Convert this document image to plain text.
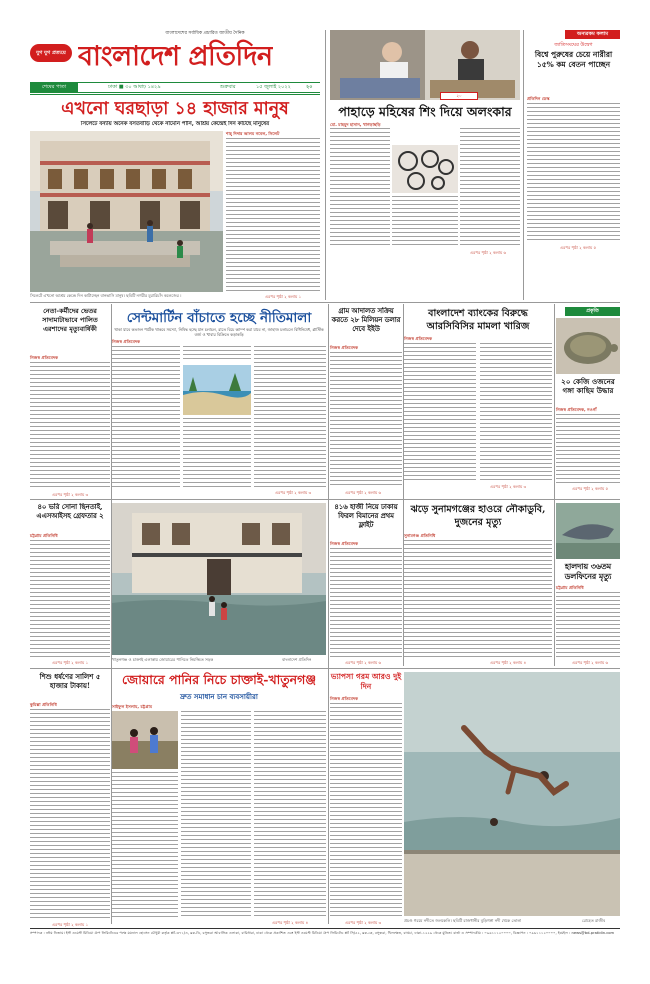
যুগ যুগ প্রত্যয়ে
বাংলাদেশের সর্বাধিক প্রচারিত জাতীয় দৈনিক
বাংলাদেশ প্রতিদিন
শেষের পাতা	ঢাকা ■ ৩০ আষাঢ় ১৪২৯	শুক্রবার	১৫ জুলাই ২০২২	২০
এখনো ঘরছাড়া ১৪ হাজার মানুষ
সিলেটে বন্যায় অনেক বসতবাড়ি থেকে নামেনি পানি, আশ্রয় কেন্দ্রেই দিন কাটছে মানুষের
সিলেটে এখনো আশ্রয় কেন্দ্রে দিন কাটাচ্ছেন বানভাসি মানুষ। ছবিটি নগরীর মুরারিচাঁদ কলেজের ।
শাহ্ দিদার আলম নবেল, সিলেট
এরপর পৃষ্ঠা ২ কলাম ১
২০
পাহাড়ে মহিষের শিং দিয়ে অলংকার
মো. মাহমুদ হাসান, খাগড়াছড়ি
এরপর পৃষ্ঠা ২ কলাম ৬
অন্যরকম কলাম
জাতিসংঘের উদ্বেগ
বিশ্বে পুরুষের চেয়ে নারীরা ১৫% কম বেতন পাচ্ছেন
প্রতিদিন ডেস্ক
এরপর পৃষ্ঠা ২ কলাম ৫
নেতা-কর্মীদের ভেতর সাদামাটাভাবে পালিত এরশাদের মৃত্যুবার্ষিকী
নিজস্ব প্রতিবেদক
এরপর পৃষ্ঠা ২ কলাম ৩
সেন্টমার্টিন বাঁচাতে হচ্ছে নীতিমালা
থাকা যাবে কতজন পর্যটক থাকবে সমস্যা, নিষিদ্ধ হচ্ছে যান চলাচল, রাতে বিচে ক্যাম্প করা যাবে না, জাহাজ চলাচলে বিধিনিষেধ, প্লাস্টিক বর্জ্য ও খাবার বিক্রিতে কড়াকড়ি
নিজস্ব প্রতিবেদক
এরপর পৃষ্ঠা ২ কলাম ৩
গ্রাম আদালত সক্রিয় করতে ২৮ মিলিয়ন ডলার দেবে ইইউ
নিজস্ব প্রতিবেদক
এরপর পৃষ্ঠা ২ কলাম ৬
বাংলাদেশ ব্যাংকের বিরুদ্ধে আরসিবিসির মামলা খারিজ
নিজস্ব প্রতিবেদক
এরপর পৃষ্ঠা ২ কলাম ৩
প্রকৃতি
২০ কেজি ওজনের গঙ্গা কাছিম উদ্ধার
নিজস্ব প্রতিবেদক, নওগাঁ
এরপর পৃষ্ঠা ২ কলাম ৫
৪০ ভরি সোনা ছিনতাই, এএসআইসহ গ্রেফতার ২
চট্টগ্রাম প্রতিনিধি
এরপর পৃষ্ঠা ২ কলাম ১
খাতুনগঞ্জ ও চাক্তাই এলাকায় জোয়ারের পানিতে নিমজ্জিত সড়ক	বাংলাদেশ প্রতিদিন
৪১৬ হাজী নিয়ে ঢাকায় ফিরল বিমানের প্রথম ফ্লাইট
নিজস্ব প্রতিবেদক
এরপর পৃষ্ঠা ২ কলাম ৬
ঝড়ে সুনামগঞ্জের হাওরে নৌকাডুবি, দুজনের মৃত্যু
সুনামগঞ্জ প্রতিনিধি
এরপর পৃষ্ঠা ২ কলাম ৪
হালদায় ৩৬তম ডলফিনের মৃত্যু
চট্টগ্রাম প্রতিনিধি
এরপর পৃষ্ঠা ২ কলাম ৬
শিশু ধর্ষণের সালিশ ৫ হাজার টাকায়!
কুমিল্লা প্রতিনিধি
এরপর পৃষ্ঠা ২ কলাম ১
জোয়ারে পানির নিচে চাক্তাই-খাতুনগঞ্জ
দ্রুত সমাধান চান ব্যবসায়ীরা
সাইফুল ইসলাম, চট্টগ্রাম
এরপর পৃষ্ঠা ২ কলাম ৪
ভ্যাপসা গরম আরও দুই দিন
নিজস্ব প্রতিবেদক
এরপর পৃষ্ঠা ২ কলাম ৩	প্রচণ্ড গরমে নদীতে জলকেলি। ছবিটি রাজধানীর বুড়িগঙ্গা নদী থেকে তোলা	রোহেত রাজীব
সম্পাদক : নঈম নিজাম। ইস্ট ওয়েস্ট মিডিয়া গ্রুপ লিমিটেডের পক্ষে ময়নাল হোসেন চৌধুরী কর্তৃক প্লট-৩৭১/এ, ব্লক-ডি, বসুন্ধরা আবাসিক এলাকা, বারিধারা, ঢাকা থেকে প্রকাশিত এবং ইস্ট ওয়েস্ট মিডিয়া গ্রুপ লিমিটেড প্লট সি/৫২, ব্লক-কে, বসুন্ধরা, খিলক্ষেত, বাড্ডা, ঢাকা-১২২৯ থেকে মুদ্রিত। বার্তা ও সম্পাদকীয় : ০৯৬১১১২০০০০, বিজ্ঞাপন : ০৯৬১১১২০০০০, ইমেইল : news@bd-pratidin.com
